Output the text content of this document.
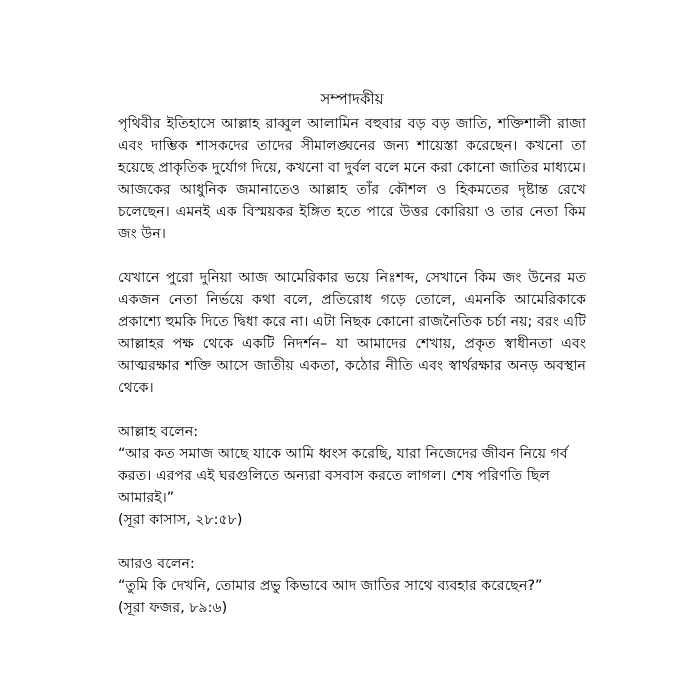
সম্পাদকীয়

পৃথিবীর ইতিহাসে আল্লাহ রাব্বুল আলামিন বহুবার বড় বড় জাতি, শক্তিশালী রাজা এবং দাম্ভিক শাসকদের তাদের সীমালঙ্ঘনের জন্য শায়েস্তা করেছেন। কখনো তা হয়েছে প্রাকৃতিক দুর্যোগ দিয়ে, কখনো বা দুর্বল বলে মনে করা কোনো জাতির মাধ্যমে। আজকের আধুনিক জমানাতেও আল্লাহ তাঁর কৌশল ও হিকমতের দৃষ্টান্ত রেখে চলেছেন। এমনই এক বিস্ময়কর ইঙ্গিত হতে পারে উত্তর কোরিয়া ও তার নেতা কিম জং উন।

যেখানে পুরো দুনিয়া আজ আমেরিকার ভয়ে নিঃশব্দ, সেখানে কিম জং উনের মত একজন নেতা নির্ভয়ে কথা বলে, প্রতিরোধ গড়ে তোলে, এমনকি আমেরিকাকে প্রকাশ্যে হুমকি দিতে দ্বিধা করে না। এটা নিছক কোনো রাজনৈতিক চর্চা নয়; বরং এটি আল্লাহর পক্ষ থেকে একটি নিদর্শন– যা আমাদের শেখায়, প্রকৃত স্বাধীনতা এবং আত্মরক্ষার শক্তি আসে জাতীয় একতা, কঠোর নীতি এবং স্বার্থরক্ষার অনড় অবস্থান থেকে।

আল্লাহ বলেন:

“আর কত সমাজ আছে যাকে আমি ধ্বংস করেছি, যারা নিজেদের জীবন নিয়ে গর্ব করত। এরপর এই ঘরগুলিতে অন্যরা বসবাস করতে লাগল। শেষ পরিণতি ছিল আমারই।”

(সূরা কাসাস, ২৮:৫৮)

আরও বলেন:

“তুমি কি দেখনি, তোমার প্রভু কিভাবে আদ জাতির সাথে ব্যবহার করেছেন?”

(সূরা ফজর, ৮৯:৬)
